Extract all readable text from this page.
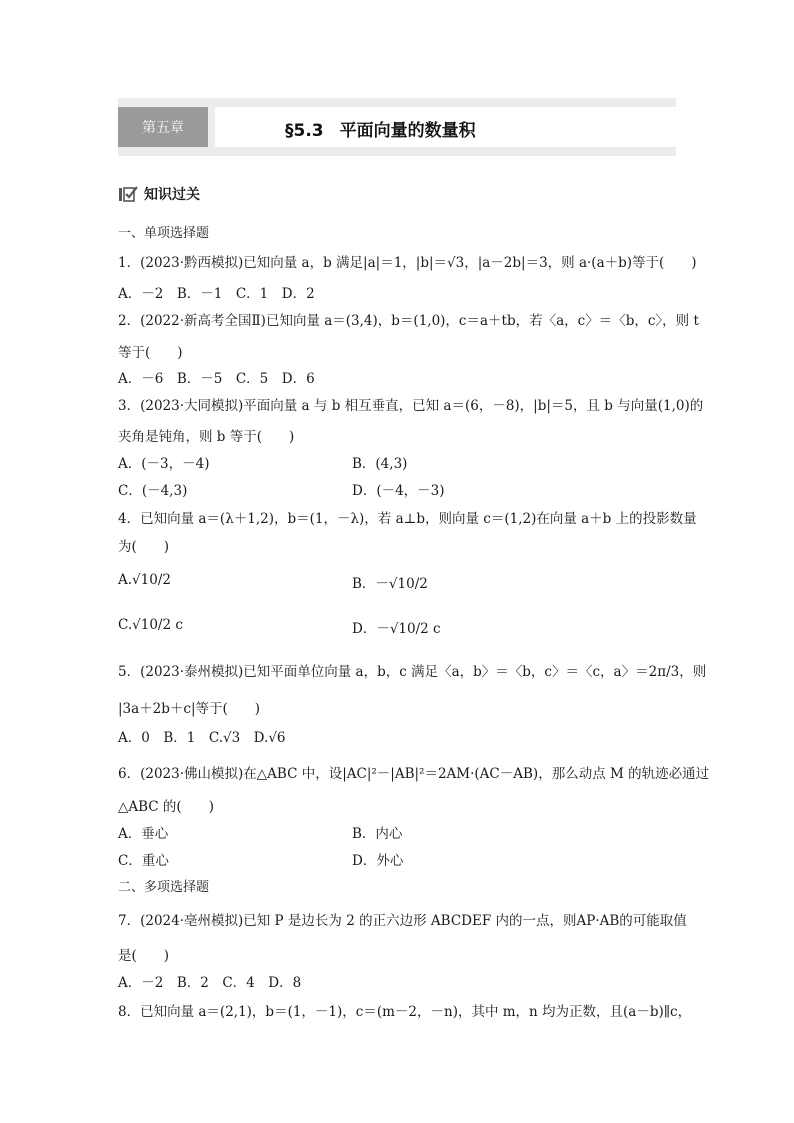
第五章	§5.3 平面向量的数量积
知识过关
一、单项选择题
1．(2023·黔西模拟)已知向量 a，b 满足|a|＝1，|b|＝√3，|a－2b|＝3，则 a·(a＋b)等于(　　)
A．－2　B．－1　C．1　D．2
2．(2022·新高考全国Ⅱ)已知向量 a＝(3,4)，b＝(1,0)，c＝a＋tb，若〈a，c〉＝〈b，c〉，则 t
等于(　　)
A．－6　B．－5　C．5　D．6
3．(2023·大同模拟)平面向量 a 与 b 相互垂直，已知 a＝(6，－8)，|b|＝5，且 b 与向量(1,0)的
夹角是钝角，则 b 等于(　　)
A．(－3，－4)	B．(4,3)
C．(－4,3)	D．(－4，－3)
4．已知向量 a＝(λ＋1,2)，b＝(1，－λ)，若 a⊥b，则向量 c＝(1,2)在向量 a＋b 上的投影数量
为(　　)
A.√10/2	B．－√10/2
C.√10/2 c	D．－√10/2 c
5．(2023·泰州模拟)已知平面单位向量 a，b，c 满足〈a，b〉＝〈b，c〉＝〈c，a〉＝2π/3，则
|3a＋2b＋c|等于(　　)
A．0　B．1　C.√3　D.√6
6．(2023·佛山模拟)在△ABC 中，设|AC|²－|AB|²＝2AM·(AC－AB)，那么动点 M 的轨迹必通过
△ABC 的(　　)
A．垂心	B．内心
C．重心	D．外心
二、多项选择题
7．(2024·亳州模拟)已知 P 是边长为 2 的正六边形 ABCDEF 内的一点，则AP·AB的可能取值
是(　　)
A．－2　B．2　C．4　D．8
8．已知向量 a＝(2,1)，b＝(1，－1)，c＝(m－2，－n)，其中 m，n 均为正数，且(a－b)∥c，
